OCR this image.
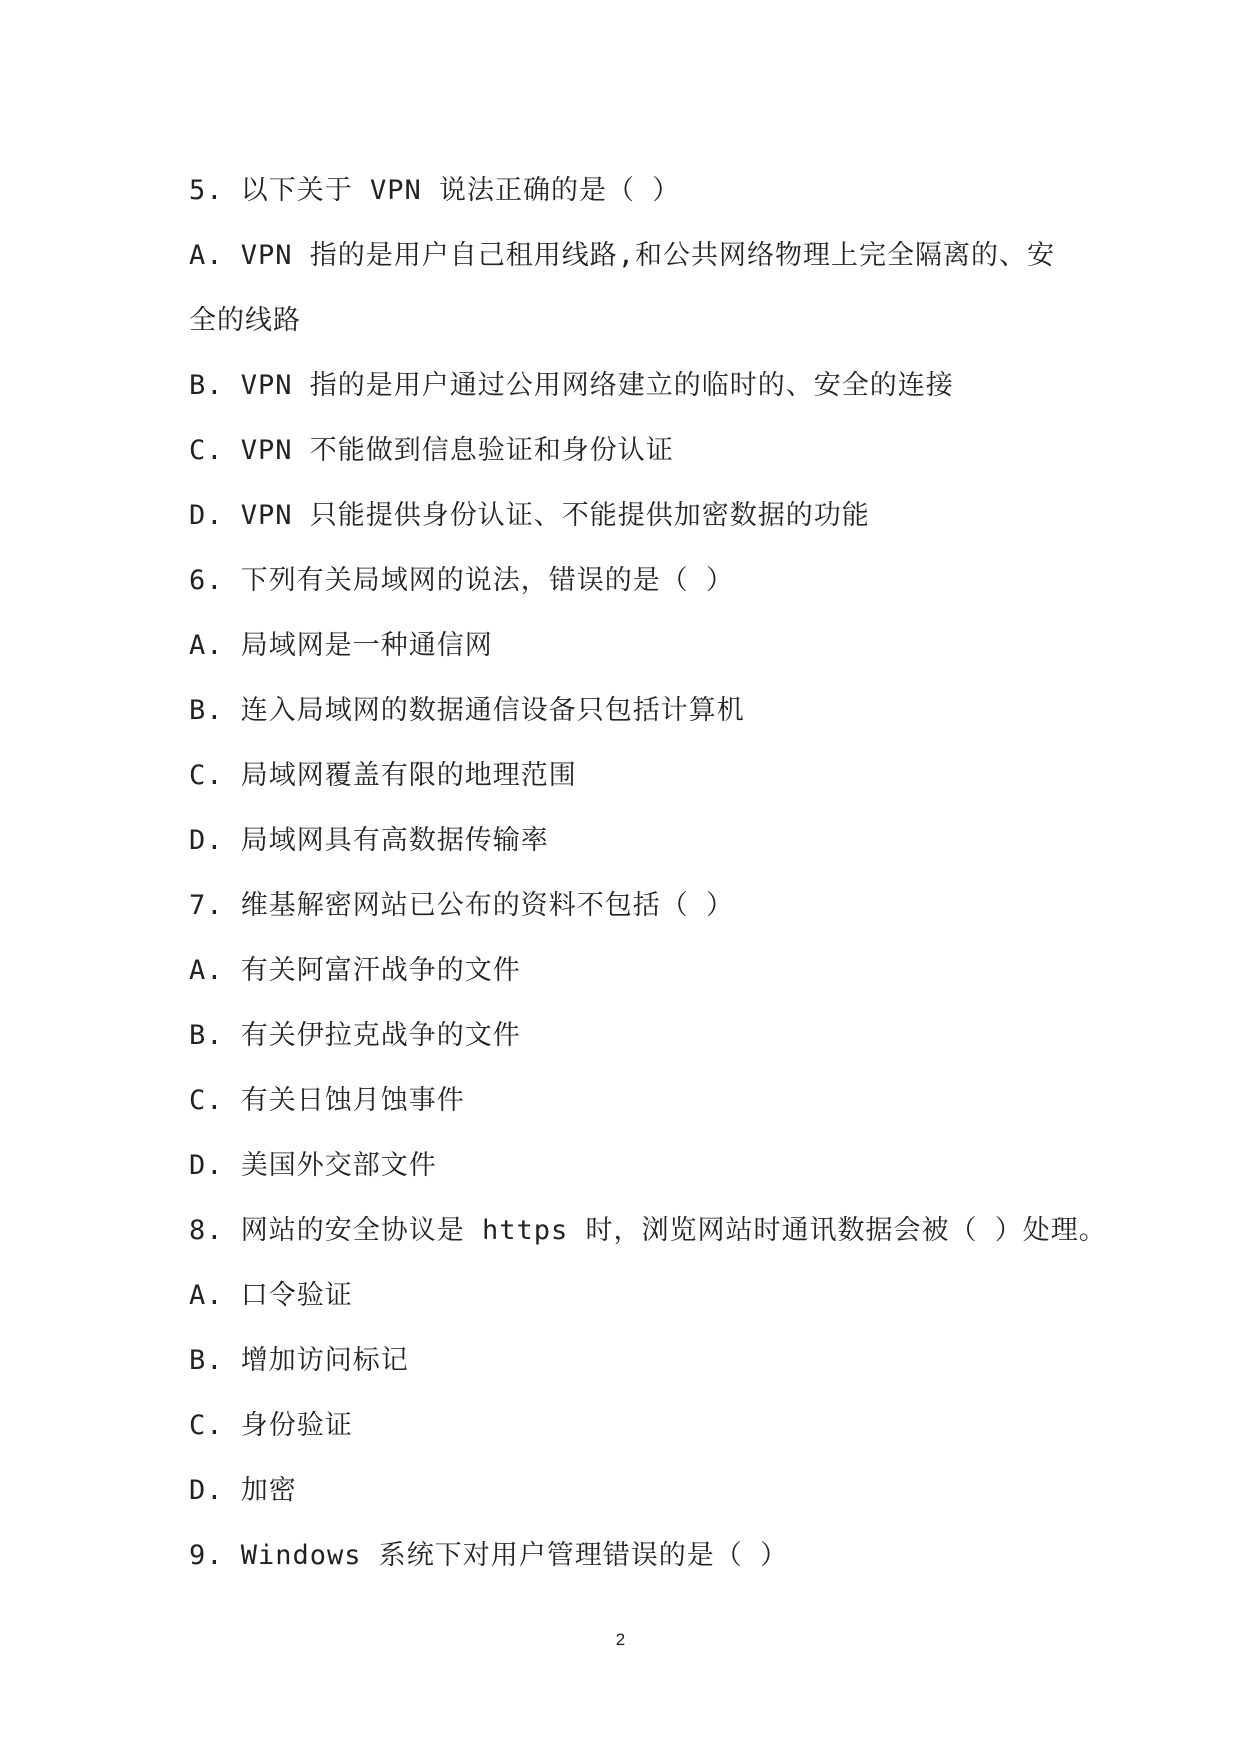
5. 以下关于 VPN 说法正确的是（ ）
A. VPN 指的是用户自己租用线路,和公共网络物理上完全隔离的、安
全的线路
B. VPN 指的是用户通过公用网络建立的临时的、安全的连接
C. VPN 不能做到信息验证和身份认证
D. VPN 只能提供身份认证、不能提供加密数据的功能
6. 下列有关局域网的说法，错误的是（ ）
A. 局域网是一种通信网
B. 连入局域网的数据通信设备只包括计算机
C. 局域网覆盖有限的地理范围
D. 局域网具有高数据传输率
7. 维基解密网站已公布的资料不包括（ ）
A. 有关阿富汗战争的文件
B. 有关伊拉克战争的文件
C. 有关日蚀月蚀事件
D. 美国外交部文件
8. 网站的安全协议是 https 时，浏览网站时通讯数据会被（ ）处理。
A. 口令验证
B. 增加访问标记
C. 身份验证
D. 加密
9. Windows 系统下对用户管理错误的是（ ）
2
